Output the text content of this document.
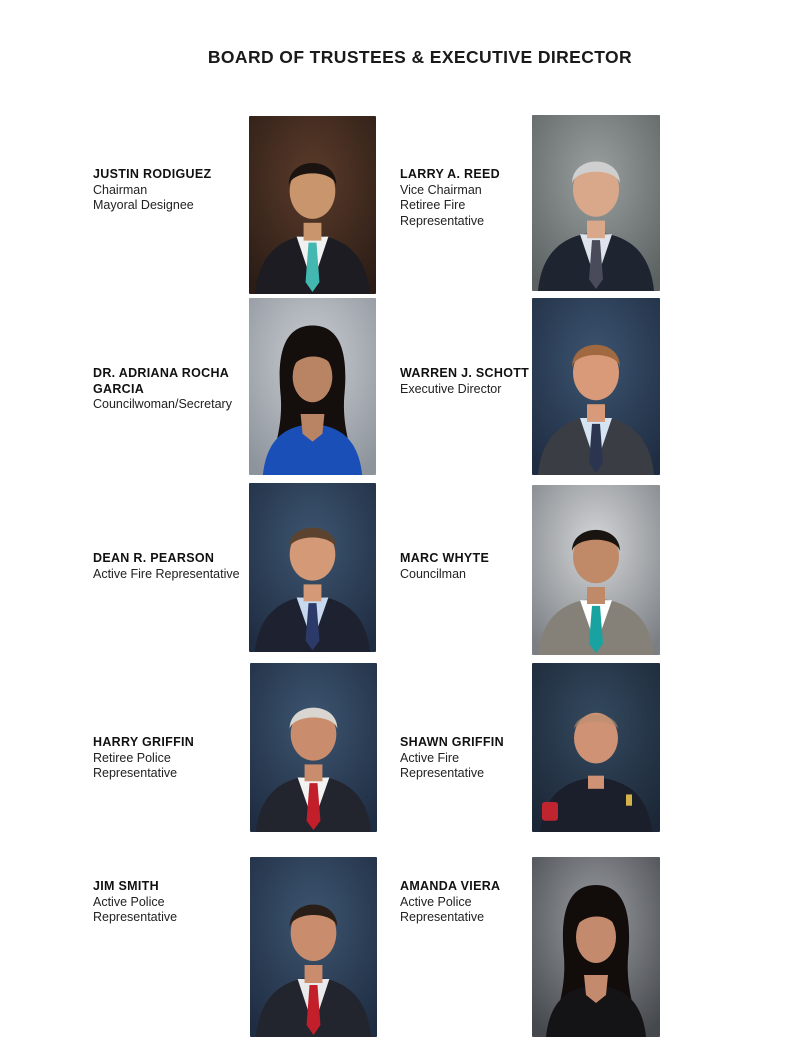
BOARD OF TRUSTEES & EXECUTIVE DIRECTOR
JUSTIN RODIGUEZ
Chairman
Mayoral Designee
LARRY A. REED
Vice Chairman
Retiree Fire
Representative
DR. ADRIANA ROCHA GARCIA
Councilwoman/Secretary
WARREN J. SCHOTT
Executive Director
DEAN R. PEARSON
Active Fire Representative
MARC WHYTE
Councilman
HARRY GRIFFIN
Retiree Police
Representative
SHAWN GRIFFIN
Active Fire
Representative
JIM SMITH
Active Police
Representative
AMANDA VIERA
Active Police
Representative
